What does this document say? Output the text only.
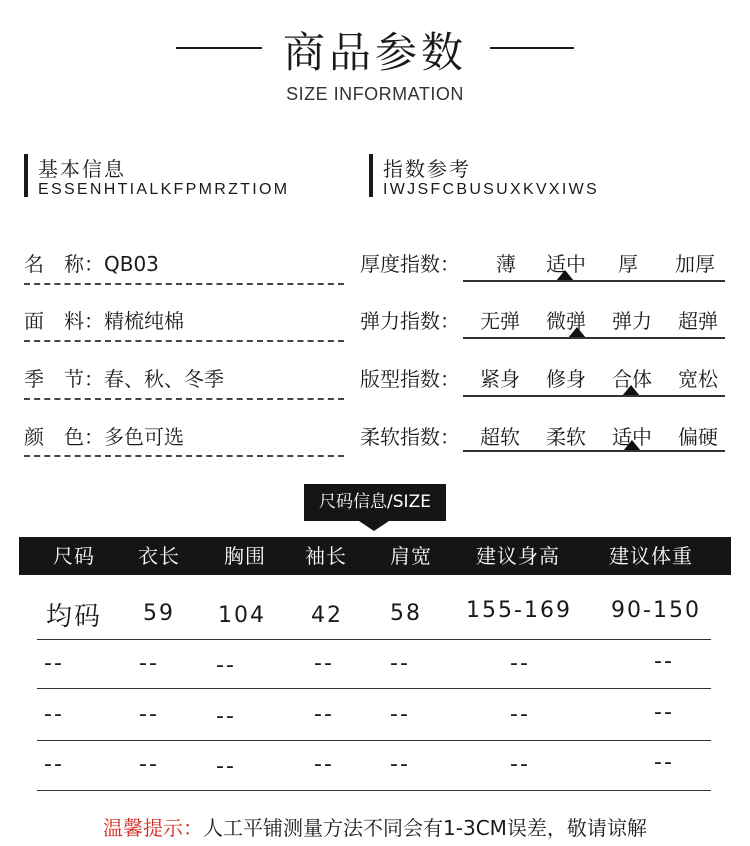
商品参数
SIZE INFORMATION
基本信息
ESSENHTIALKFPMRZTIOM
指数参考
IWJSFCBUSUXKVXIWS
名　称：QB03
面　料：精梳纯棉
季　节：春、秋、冬季
颜　色：多色可选
厚度指数：	薄	适中	厚	加厚
弹力指数：	无弹	微弹	弹力	超弹
版型指数：	紧身	修身	合体	宽松
柔软指数：	超软	柔软	适中	偏硬
尺码信息/SIZE
尺码	衣长	胸围	袖长	肩宽	建议身高	建议体重
均码	59	104	42	58	155-169	90-150
--	--	--	--	--	--	--
--	--	--	--	--	--	--
--	--	--	--	--	--	--
温馨提示：人工平铺测量方法不同会有1-3CM误差，敬请谅解
